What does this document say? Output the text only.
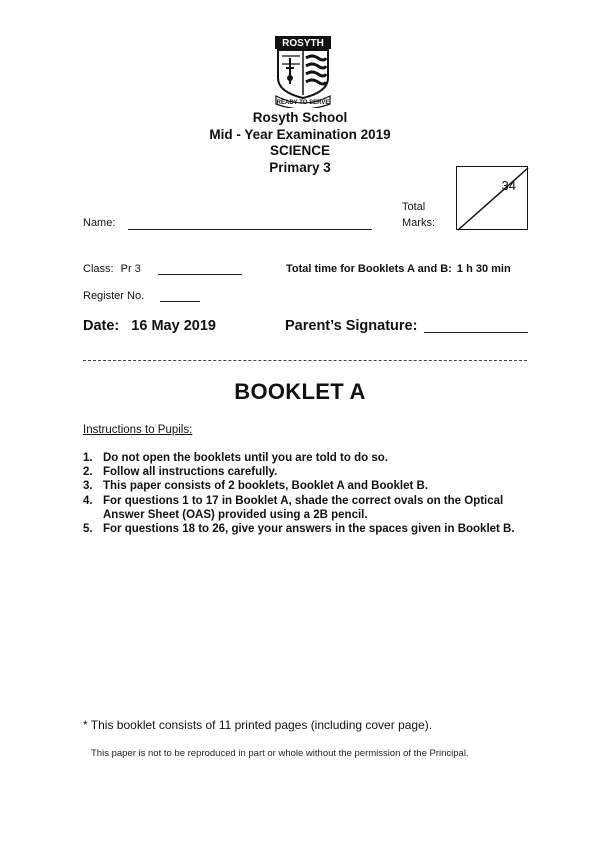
ROSYTH
READY TO SERVE
Rosyth School
Mid - Year Examination 2019
SCIENCE
Primary 3
Total
Marks:
34
Name:
Class: Pr 3	Total time for Booklets A and B: 1 h 30 min
Register No.
Date: 16 May 2019	Parent’s Signature:
BOOKLET A
Instructions to Pupils:
1. Do not open the booklets until you are told to do so.
2. Follow all instructions carefully.
3. This paper consists of 2 booklets, Booklet A and Booklet B.
4. For questions 1 to 17 in Booklet A, shade the correct ovals on the Optical Answer Sheet (OAS) provided using a 2B pencil.
5. For questions 18 to 26, give your answers in the spaces given in Booklet B.
* This booklet consists of 11 printed pages (including cover page).
This paper is not to be reproduced in part or whole without the permission of the Principal.
